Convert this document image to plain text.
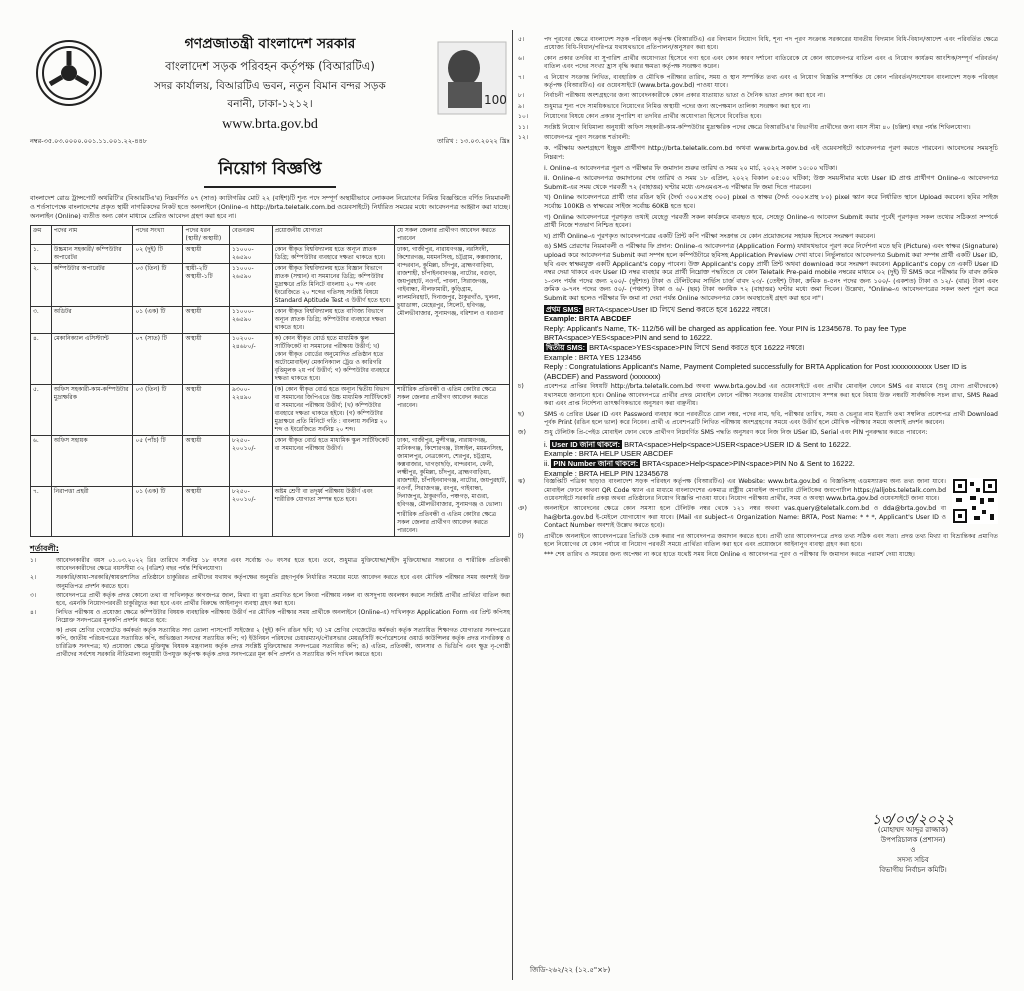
গণপ্রজাতন্ত্রী বাংলাদেশ সরকার
বাংলাদেশ সড়ক পরিবহন কর্তৃপক্ষ (বিআরটিএ)
সদর কার্যালয়, বিআরটিএ ভবন, নতুন বিমান বন্দর সড়ক
বনানী, ঢাকা-১২১২।
www.brta.gov.bd
100
নম্বর-৩৫.০৩.০০০০.০০১.১১.০০১.২২-৪৪৮	তারিখ : ১৩.০৩.২০২২ খ্রিঃ
নিয়োগ বিজ্ঞপ্তি
বাংলাদেশ রোড ট্রান্সপোর্ট অথরিটি'র (বিআরটিএ'র) নিম্নবর্ণিত ০৭ (সাত) ক্যাটাগরির মোট ২২ (বাইশ)টি শূন্য পদে সম্পূর্ণ অস্থায়ীভাবে লোকবল নিয়োগের নিমিত্ত বিজ্ঞপ্তিতে বর্ণিত নিয়মাবলী ও শর্তসাপেক্ষে বাংলাদেশের প্রকৃত স্থায়ী নাগরিকদের নিকট হতে অনলাইনে (Online-এ http://brta.teletalk.com.bd ওয়েবসাইটে) নির্ধারিত সময়ের মধ্যে আবেদনপত্র আহ্বান করা যাচ্ছে। অনলাইন (Online) ব্যতীত অন্য কোন মাধ্যমে প্রেরিত আবেদন গ্রহণ করা হবে না।
ক্রম	পদের নাম	পদের সংখ্যা	পদের ধরন (স্থায়ী/ অস্থায়ী)	বেতনক্রম	প্রয়োজনীয় যোগ্যতা	যে সকল জেলার প্রার্থীগণ আবেদন করতে পারবেন
১.	উচ্চমান সহকারী/ কম্পিউটার অপারেটর	০২ (দুই) টি	অস্থায়ী	১১০০০- ২৬৫৯০	কোন স্বীকৃত বিশ্ববিদ্যালয় হতে অন্যূন স্নাতক ডিগ্রি; কম্পিউটার ব্যবহারে দক্ষতা থাকতে হবে।	ঢাকা, গাজীপুর, নারায়ণগঞ্জ, নরসিংদী, কিশোরগঞ্জ, ময়মনসিংহ, চট্টগ্রাম, কক্সবাজার, বান্দরবান, কুমিল্লা, চাঁদপুর, ব্রাহ্মণবাড়িয়া, রাজশাহী, চাঁপাইনবাবগঞ্জ, নাটোর, বগুড়া, জয়পুরহাট, নওগাঁ, পাবনা, সিরাজগঞ্জ, গাইবান্ধা, নীলফামারী, কুড়িগ্রাম, লালমনিরহাট, দিনাজপুর, ঠাকুরগাঁও, খুলনা, চুয়াডাঙ্গা, মেহেরপুর, সিলেট, হবিগঞ্জ, মৌলভীবাজার, সুনামগঞ্জ, বরিশাল ও বরগুনা
২.	কম্পিউটার অপারেটর	০৩ (তিন) টি	স্থায়ী-২টি অস্থায়ী-১টি	১১০০০- ২৬৫৯০	কোন স্বীকৃত বিশ্ববিদ্যালয় হতে বিজ্ঞান বিভাগে স্নাতক (সম্মান) বা সমমানের ডিগ্রি; কম্পিউটার মুদ্রাক্ষরে প্রতি মিনিটে বাংলায় ২০ শব্দ এবং ইংরেজিতে ২০ শব্দের গতিসহ সংশ্লিষ্ট বিষয়ে Standard Aptitude Test এ উত্তীর্ণ হতে হবে।	
৩.	অডিটর	০১ (এক) টি	অস্থায়ী	১১০০০- ২৬৫৯০	কোন স্বীকৃত বিশ্ববিদ্যালয় হতে বাণিজ্য বিভাগে অন্যূন স্নাতক ডিগ্রি; কম্পিউটার ব্যবহারে দক্ষতা থাকতে হবে।	
৪.	মেকানিক্যাল এসিস্ট্যান্ট	০৭ (সাত) টি	অস্থায়ী	১০২০০- ২৪৬৮০/-	ক) কোন স্বীকৃত বোর্ড হতে মাধ্যমিক স্কুল সার্টিফিকেট বা সমমানের পরীক্ষায় উত্তীর্ণ; খ) কোন স্বীকৃত বোর্ডের অনুমোদিত প্রতিষ্ঠান হতে অটোমোবাইল/ মেকানিক্যাল ট্রেড ও কারিগরি বৃত্তিমূলক ২য় পর্ব উত্তীর্ণ; গ) কম্পিউটার ব্যবহারে দক্ষতা থাকতে হবে।	
৫.	অফিস সহকারী-কাম-কম্পিউটার মুদ্রাক্ষরিক	০৩ (তিন) টি	অস্থায়ী	৯৩০০- ২২৪৯০	(ক) কোন স্বীকৃত বোর্ড হতে অন্যূন দ্বিতীয় বিভাগ বা সমমানের জিপিএতে উচ্চ মাধ্যমিক সার্টিফিকেট বা সমমানের পরীক্ষায় উত্তীর্ণ; (খ) কম্পিউটার ব্যবহারে দক্ষতা থাকতে হইবে। (গ) কম্পিউটার মুদ্রাক্ষরে প্রতি মিনিটে গতি : বাংলায় সর্বনিম্ন ২০ শব্দ ও ইংরেজিতে সর্বনিম্ন ২০ শব্দ।	শারীরিক প্রতিবন্ধী ও এতিম কোটার ক্ষেত্রে সকল জেলার প্রার্থীগণ আবেদন করতে পারবেন।
৬.	অফিস সহায়ক	০৫ (পাঁচ) টি	অস্থায়ী	৮২৫০- ২০০১০/-	কোন স্বীকৃত বোর্ড হতে মাধ্যমিক স্কুল সার্টিফিকেট বা সমমানের পরীক্ষায় উত্তীর্ণ।	ঢাকা, গাজীপুর, মুন্সীগঞ্জ, নারায়ণগঞ্জ, মানিকগঞ্জ, কিশোরগঞ্জ, টাঙ্গাইল, ময়মনসিংহ, জামালপুর, নেত্রকোনা, শেরপুর, চট্টগ্রাম, কক্সবাজার, খাগড়াছড়ি, বান্দরবান, ফেনী, লক্ষ্মীপুর, কুমিল্লা, চাঁদপুর, ব্রাহ্মণবাড়িয়া, রাজশাহী, চাঁপাইনবাবগঞ্জ, নাটোর, জয়পুরহাট, নওগাঁ, সিরাজগঞ্জ, রংপুর, গাইবান্ধা, দিনাজপুর, ঠাকুরগাঁও, পঞ্চগড়, মাগুরা, হবিগঞ্জ, মৌলভীবাজার, সুনামগঞ্জ ও ভোলা।
শারীরিক প্রতিবন্ধী ও এতিম কোটার ক্ষেত্রে সকল জেলার প্রার্থীগণ আবেদন করতে পারবেন।

৭.	নিরাপত্তা প্রহরী	০১ (এক) টি	অস্থায়ী	৮২৫০- ২০০১০/-	অষ্টম শ্রেণী বা তদূর্ধ্ব পরীক্ষায় উত্তীর্ণ এবং শারীরিক যোগ্যতা সম্পন্ন হতে হবে।	
শর্তাবলী:
১।	আবেদনকারীর বয়স ০১.০৩.২০২২ খ্রিঃ তারিখে সর্বনিম্ন ১৮ বৎসর এবং সর্বোচ্চ ৩০ বৎসর হতে হবে। তবে, শুধুমাত্র মুক্তিযোদ্ধা/শহীদ মুক্তিযোদ্ধার সন্তানের ও শারীরিক প্রতিবন্ধী আবেদনকারীদের ক্ষেত্রে বয়সসীমা ৩২ (বত্রিশ) বছর পর্যন্ত শিথিলযোগ্য।
২।	সরকারি/আধা-সরকারি/স্বায়ত্তশাসিত প্রতিষ্ঠানে চাকুরিরত প্রার্থীদের যথাযথ কর্তৃপক্ষের অনুমতি গ্রহণপূর্বক নির্ধারিত সময়ের মধ্যে আবেদন করতে হবে এবং মৌখিক পরীক্ষার সময় অবশ্যই উক্ত অনুমতিপত্র প্রদর্শন করতে হবে।
৩।	আবেদনপত্রে প্রার্থী কর্তৃক প্রদত্ত কোনো তথ্য বা দাখিলকৃত কাগজপত্র জাল, মিথ্যা বা ভুয়া প্রমাণিত হলে কিংবা পরীক্ষায় নকল বা অসদুপায় অবলম্বন করলে সংশ্লিষ্ট প্রার্থীর প্রার্থিতা বাতিল করা হবে, এমনকি নিয়োগপরবর্তী চাকুরিচ্যুত করা হবে এবং প্রার্থীর বিরুদ্ধে আইনানুগ ব্যবস্থা গ্রহণ করা হবে।
৪।	লিখিত পরীক্ষায় ও প্রযোজ্য ক্ষেত্রে কম্পিউটার বিষয়ক ব্যবহারিক পরীক্ষায় উত্তীর্ণ পর মৌখিক পরীক্ষার সময় প্রার্থীকে অনলাইনে (Online-এ) দাখিলকৃত Application Form এর প্রিন্ট কপিসহ নিম্নোক্ত সনদপত্রের মূলকপি প্রদর্শন করতে হবে:
ক) প্রথম শ্রেণির গেজেটেড কর্মকর্তা কর্তৃক সত্যায়িত সদ্য তোলা পাসপোর্ট সাইজের ২ (দুই) কপি রঙিন ছবি; খ) ১ম শ্রেণির গেজেটেড কর্মকর্তা কর্তৃক সত্যায়িত শিক্ষাগত যোগ্যতার সনদপত্রের কপি, জাতীয় পরিচয়পত্রের সত্যায়িত কপি, অভিজ্ঞতা সনদের সত্যায়িত কপি; গ) ইউনিয়ন পরিষদের চেয়ারম্যান/পৌরসভার মেয়র/সিটি কর্পোরেশনের ওয়ার্ড কাউন্সিলর কর্তৃক প্রদত্ত নাগরিকত্ব ও চারিত্রিক সনদপত্র; ঘ) প্রযোজ্য ক্ষেত্রে মুক্তিযুদ্ধ বিষয়ক মন্ত্রণালয় কর্তৃক প্রদত্ত সংশ্লিষ্ট মুক্তিযোদ্ধার সনদপত্রের সত্যায়িত কপি; ঙ) এতিম, প্রতিবন্ধী, আনসার ও ভিডিপি এবং ক্ষুদ্র নৃ-গোষ্ঠী প্রার্থীদের সর্বশেষ সরকারি নীতিমালা অনুযায়ী উপযুক্ত কর্তৃপক্ষ কর্তৃক প্রদত্ত সনদপত্রের মূল কপি প্রদর্শন ও সত্যায়িত কপি দাখিল করতে হবে।
৫।	পদ পূরণের ক্ষেত্রে বাংলাদেশ সড়ক পরিবহন কর্তৃপক্ষ (বিআরটিএ) এর বিদ্যমান নিয়োগ বিধি, শূন্য পদ পূরণ সংক্রান্ত সরকারের যাবতীয় বিদ্যমান বিধি-বিধান/আদেশ এবং পরিবর্তিত ক্ষেত্রে প্রযোজ্য বিধি-বিধান/পরিপত্র যথাযথভাবে প্রতিপালন/অনুসরণ করা হবে।
৬।	কোন প্রকার তদবির বা সুপারিশ প্রার্থীর অযোগ্যতা হিসেবে গণ্য হবে এবং কোন কারণ দর্শানো ব্যতিরেকে যে কোন আবেদনপত্র বাতিল এবং এ নিয়োগ কার্যক্রম আংশিক/সম্পূর্ণ পরিবর্তন/বাতিল এবং পদের সংখ্যা হ্রাস বৃদ্ধি করার ক্ষমতা কর্তৃপক্ষ সংরক্ষণ করেন।
৭।	এ নিয়োগ সংক্রান্ত লিখিত, ব্যবহারিক ও মৌখিক পরীক্ষার তারিখ, সময় ও স্থান সম্পর্কিত তথ্য এবং এ নিয়োগ বিজ্ঞপ্তি সম্পর্কিত যে কোন পরিবর্তন/সংশোধন বাংলাদেশ সড়ক পরিবহন কর্তৃপক্ষ (বিআরটিএ) এর ওয়েবসাইটে (www.brta.gov.bd) পাওয়া যাবে।
৮।	নির্বাচনী পরীক্ষায় অংশগ্রহণের জন্য আবেদনকারীকে কোন প্রকার যাতায়াত ভাতা ও দৈনিক ভাতা প্রদান করা হবে না।
৯।	শুধুমাত্র শূন্য পদে সাময়িকভাবে নিয়োগের নিমিত্ত অস্থায়ী পদের জন্য অপেক্ষমান তালিকা সংরক্ষণ করা হবে না।
১০।	নিয়োগের বিষয়ে কোন প্রকার সুপারিশ বা তদবির প্রার্থীর অযোগ্যতা হিসেবে বিবেচিত হবে।
১১।	সংশ্লিষ্ট নিয়োগ বিধিমালা অনুযায়ী অফিস সহকারী-কাম-কম্পিউটার মুদ্রাক্ষরিক পদের ক্ষেত্রে বিআরটিএ'র বিভাগীয় প্রার্থীদের জন্য বয়স সীমা ৪০ (চল্লিশ) বছর পর্যন্ত শিথিলযোগ্য।
১২।	আবেদনপত্র পূরণ সংক্রান্ত শর্তাবলী:
ক. পরীক্ষায় অংশগ্রহণে ইচ্ছুক প্রার্থীগণ http://brta.teletalk.com.bd অথবা www.brta.gov.bd এই ওয়েবসাইটে আবেদনপত্র পূরণ করতে পারবেন। আবেদনের সময়সূচি নিম্নরূপ:
i. Online-এ আবেদনপত্র পূরণ ও পরীক্ষার ফি জমাদান শুরুর তারিখ ও সময় ২০ মার্চ, ২০২২ সকাল ১০:০০ ঘটিকা।
ii. Online-এ আবেদনপত্র জমাদানের শেষ তারিখ ও সময় ১৮ এপ্রিল, ২০২২ বিকাল ০৫:০০ ঘটিকা; উক্ত সময়সীমার মধ্যে User ID প্রাপ্ত প্রার্থীগণ Online-এ আবেদনপত্র Submit-এর সময় থেকে পরবর্তী ৭২ (বাহাত্তর) ঘণ্টার মধ্যে এসএমএস-এ পরীক্ষার ফি জমা দিতে পারবেন।
খ) Online আবেদনপত্রে প্রার্থী তার রঙিন ছবি (দৈর্ঘ্য ৩০০×প্রস্থ ৩০০) pixel ও স্বাক্ষর (দৈর্ঘ্য ৩০০×প্রস্থ ৮০) pixel স্ক্যান করে নির্ধারিত স্থানে Upload করবেন। ছবির সাইজ সর্বোচ্চ 100KB ও স্বাক্ষরের সাইজ সর্বোচ্চ 60KB হতে হবে।
গ) Online আবেদনপত্রে পূরণকৃত তথ্যই যেহেতু পরবর্তী সকল কার্যক্রমে ব্যবহৃত হবে, সেহেতু Online-এ আবেদন Submit করার পূর্বেই পূরণকৃত সকল তথ্যের সঠিকতা সম্পর্কে প্রার্থী নিজে শতভাগ নিশ্চিত হবেন।
ঘ) প্রার্থী Online-এ পূরণকৃত আবেদনপত্রের একটি প্রিন্ট কপি পরীক্ষা সংক্রান্ত যে কোন প্রয়োজনের সহায়ক হিসেবে সংরক্ষণ করবেন।
ঙ) SMS প্রেরণের নিয়মাবলী ও পরীক্ষার ফি প্রদান: Online-এ আবেদনপত্র (Application Form) যথাযথভাবে পূরণ করে নির্দেশনা মতে ছবি (Picture) এবং স্বাক্ষর (Signature) upload করে আবেদনপত্র Submit করা সম্পন্ন হলে কম্পিউটারে ছবিসহ Application Preview দেখা যাবে। নির্ভুলভাবে আবেদনপত্র Submit করা সম্পন্ন প্রার্থী একটি User ID, ছবি এবং স্বাক্ষরযুক্ত একটি Applicant's copy পাবেন। উক্ত Applicant's copy প্রার্থী প্রিন্ট অথবা download করে সংরক্ষণ করবেন। Applicant's copy তে একটি User ID নম্বর দেয়া থাকবে এবং User ID নম্বর ব্যবহার করে প্রার্থী নিম্নোক্ত পদ্ধতিতে যে কোন Teletalk Pre-paid mobile নম্বরের মাধ্যমে ০২ (দুই) টি SMS করে পরীক্ষার ফি বাবদ ক্রমিক ১-৩নং পর্যন্ত পদের জন্য ২০০/- (দুইশত) টাকা ও টেলিটকের সার্ভিস চার্জ বাবদ ২৩/- (তেইশ) টাকা, ক্রমিক ৪-৫নং পদের জন্য ১০০/- (একশত) টাকা ও ১২/- (বার) টাকা এবং ক্রমিক ৬-৭নং পদের জন্য ৫০/- (পঞ্চাশ) টাকা ও ৬/- (ছয়) টাকা অনধিক ৭২ (বাহাত্তর) ঘণ্টার মধ্যে জমা দিবেন। উল্লেখ্য, "Online-এ আবেদনপত্রের সকল অংশ পূরণ করে Submit করা হলেও পরীক্ষার ফি জমা না দেয়া পর্যন্ত Online আবেদনপত্র কোন অবস্থাতেই গ্রহণ করা হবে না"।
প্রথম SMS: BRTA<space>User ID লিখে Send করতে হবে 16222 নম্বরে।
Example: BRTA ABCDEF
Reply: Applicant's Name, TK- 112/56 will be charged as application fee. Your PIN is 12345678. To pay fee Type BRTA<space>YES<space>PIN and send to 16222.
দ্বিতীয় SMS: BRTA<space>YES<space>PIN লিখে Send করতে হবে 16222 নম্বরে।
Example : BRTA YES 123456
Reply : Congratulations Applicant's Name, Payment Completed successfully for BRTA Application for Post xxxxxxxxxxx User ID is (ABCDEF) and Password (xxxxxxx)
চ)	প্রবেশপত্র প্রাপ্তির বিষয়টি http://brta.teletalk.com.bd অথবা www.brta.gov.bd এর ওয়েবসাইটে এবং প্রার্থীর মোবাইল ফোনে SMS এর মাধ্যমে (শুধু যোগ্য প্রার্থীদেরকে) যথাসময়ে জানানো হবে। Online আবেদনপত্রে প্রার্থীর প্রদত্ত মোবাইল ফোনে পরীক্ষা সংক্রান্ত যাবতীয় যোগাযোগ সম্পন্ন করা হবে বিধায় উক্ত নম্বরটি সার্বক্ষণিক সচল রাখা, SMS Read করা এবং প্রাপ্ত নির্দেশনা তাৎক্ষণিকভাবে অনুসরণ করা বাঞ্ছনীয়।
ছ)	SMS এ প্রেরিত User ID এবং Password ব্যবহার করে পরবর্তীতে রোল নম্বর, পদের নাম, ছবি, পরীক্ষার তারিখ, সময় ও ভেন্যুর নাম ইত্যাদি তথ্য সম্বলিত প্রবেশপত্র প্রার্থী Download পূর্বক Print (রঙিন হলে ভাল) করে নিবেন। প্রার্থী এ প্রবেশপত্রটি লিখিত পরীক্ষায় অংশগ্রহণের সময়ে এবং উত্তীর্ণ হলে মৌখিক পরীক্ষার সময়ে অবশ্যই প্রদর্শন করবেন।
জ)	শুধু টেলিটক প্রি-পেইড মোবাইল ফোন থেকে প্রার্থীগণ নিম্নবর্ণিত SMS পদ্ধতি অনুসরণ করে নিজ নিজ USer ID, Serial এবং PIN পুনরুদ্ধার করতে পারবেন:
i. User ID জানা থাকলে: BRTA<space>Help<space>USER<space>USER ID & Sent to 16222.
Example : BRTA HELP USER ABCDEF
ii. PIN Number জানা থাকলে: BRTA<space>Help<space>PIN<space>PIN No & Sent to 16222.
Example : BRTA HELP PIN 12345678
ঝ)	বিজ্ঞপ্তিটি পত্রিকা ছাড়াও বাংলাদেশ সড়ক পরিবহন কর্তৃপক্ষ (বিআরটিএ) এর Website: www.brta.gov.bd এ বিজ্ঞপ্তিসহ এডমস্যাক্রম অন্য তথ্য জানা যাবে। মোবাইল ফোনে অথবা QR Code স্ক্যান এর মাধ্যমে বাংলাদেশের একমাত্র রাষ্ট্রীয় মোবাইল অপারেটর টেলিটকের জবপোর্টাল https://alljobs.teletalk.com.bd ওয়েবসাইটে সরকারি প্রকল্প অথবা প্রতিষ্ঠানের নিয়োগ বিজ্ঞপ্তি পাওয়া যাবে। নিয়োগ পরীক্ষায় প্রার্থীর, সময় ও অবস্থা www.brta.gov.bd ওয়েবসাইটে জানা যাবে।
ঞ)	অনলাইনে আবেদনের ক্ষেত্রে কোন সমস্যা হলে টেলিটক নম্বর থেকে ১২১ নম্বর অথবা vas.query@teletalk.com.bd ও dda@brta.gov.bd বা ha@brta.gov.bd ই-মেইলে যোগাযোগ করা যাবে। (Mail এর subject-এ Organization Name: BRTA, Post Name: * * *, Applicant's User ID ও Contact Number অবশ্যই উল্লেখ করতে হবে)।
ট)	প্রার্থীকে অনলাইনে আবেদনপত্রের প্রিভিউ চেক করার পর আবেদনপত্র জমাদান করতে হবে। প্রার্থী তার আবেদনপত্রে প্রদত্ত তথ্য সঠিক এবং সত্য। প্রদত্ত তথ্য মিথ্যা বা বিভ্রান্তিকর প্রমাণিত হলে নিয়োগের যে কোন পর্যায়ে বা নিয়োগ পরবর্তী সময়ে প্রার্থিতা বাতিল করা হবে এবং প্রয়োজনে আইনানুগ ব্যবস্থা গ্রহণ করা হবে।
*** শেষ তারিখ ও সময়ের জন্য অপেক্ষা না করে হাতে যথেষ্ট সময় নিয়ে Online এ আবেদনপত্র পূরণ ও পরীক্ষার ফি জমাদান করতে পরামর্শ দেয়া যাচ্ছে।
১৩/০৩/২০২২
(মোহাম্মদ আব্দুর রাজ্জাক)
উপপরিচালক (প্রশাসন)
ও
সদস্য সচিব
বিভাগীয় নির্বাচন কমিটি।
জিডি-২৬২/২২ (১২.৫"×৮)
